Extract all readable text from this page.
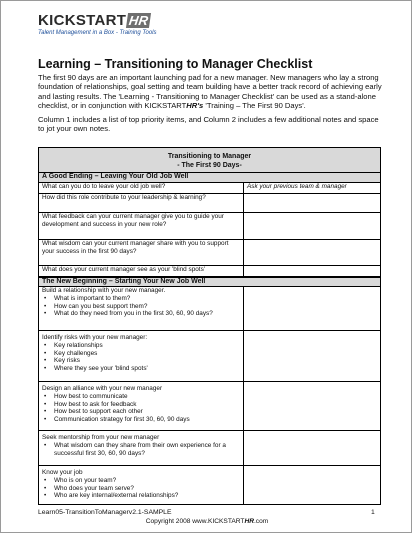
KICKSTART HR
Talent Management in a Box - Training Tools
Learning – Transitioning to Manager Checklist
The first 90 days are an important launching pad for a new manager. New managers who lay a strong foundation of relationships, goal setting and team building have a better track record of achieving early and lasting results. The 'Learning - Transitioning to Manager Checklist' can be used as a stand-alone checklist, or in conjunction with KICKSTARTHR's 'Training – The First 90 Days'.
Column 1 includes a list of top priority items, and Column 2 includes a few additional notes and space to jot your own notes.
Transitioning to Manager
- The First 90 Days-
A Good Ending – Leaving Your Old Job Well
What can you do to leave your old job well?	Ask your previous team & manager
How did this role contribute to your leadership & learning?
What feedback can your current manager give you to guide your development and success in your new role?
What wisdom can your current manager share with you to support your success in the first 90 days?
What does your current manager see as your 'blind spots'
The New Beginning – Starting Your New Job Well
Build a relationship with your new manager.
• What is important to them?
• How can you best support them?
• What do they need from you in the first 30, 60, 90 days?
Identify risks with your new manager:
• Key relationships
• Key challenges
• Key risks
• Where they see your 'blind spots'
Design an alliance with your new manager
• How best to communicate
• How best to ask for feedback
• How best to support each other
• Communication strategy for first 30, 60, 90 days
Seek mentorship from your new manager
• What wisdom can they share from their own experience for a successful first 30, 60, 90 days?
Know your job
• Who is on your team?
• Who does your team serve?
• Who are key internal/external relationships?
Learn05-TransitionToManagerv2.1-SAMPLE	1
Copyright 2008 www.KICKSTARTHR.com
